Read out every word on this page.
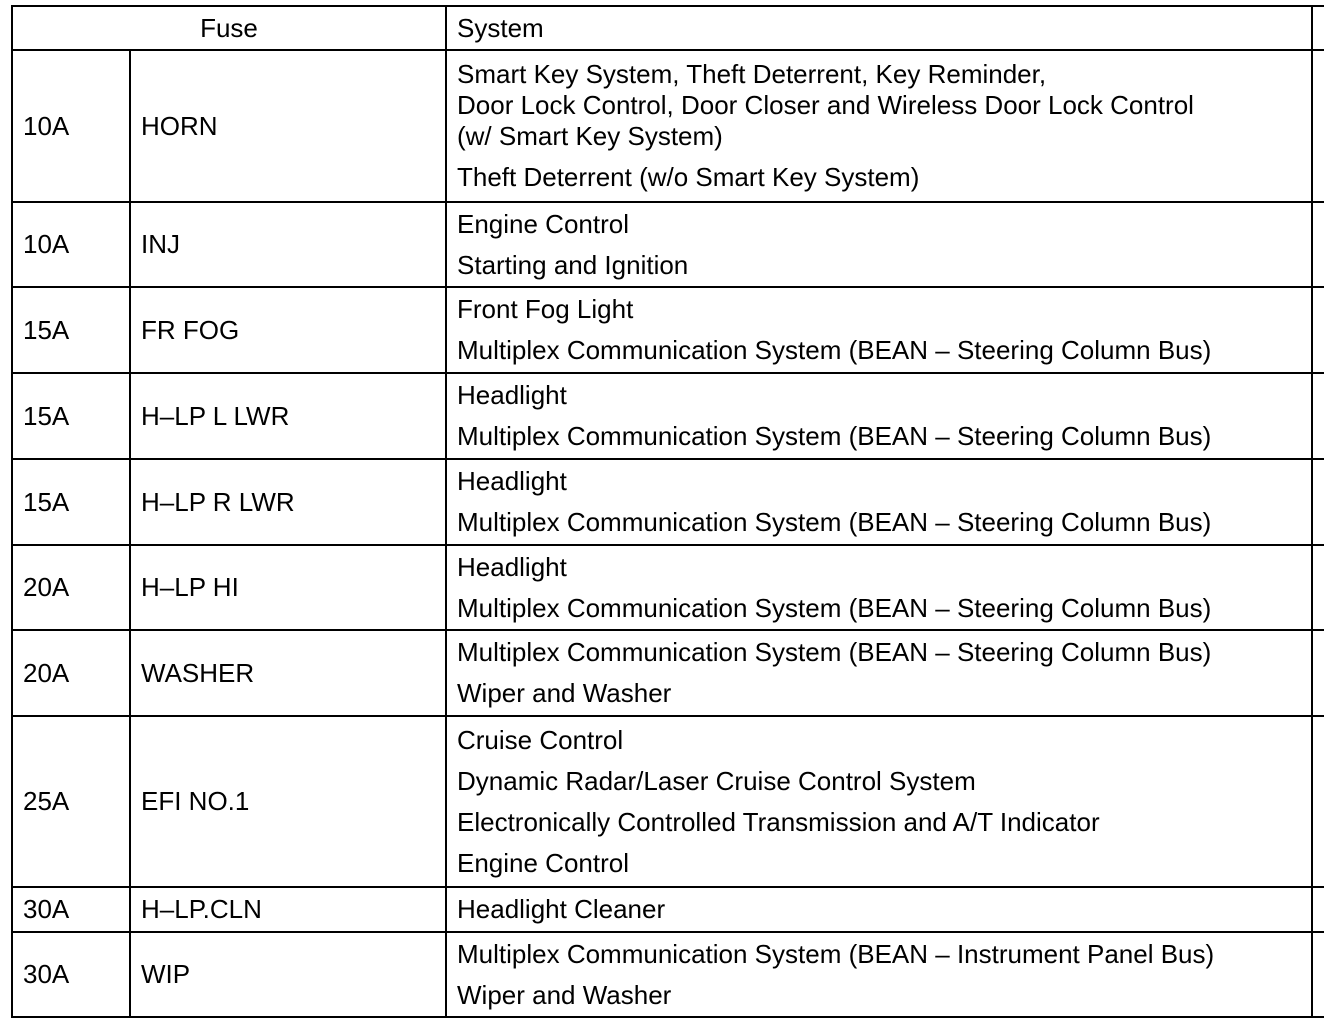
Fuse		System	
10A	HORN	Smart Key System, Theft Deterrent, Key Reminder,
Door Lock Control, Door Closer and Wireless Door Lock Control
(w/ Smart Key System)
Theft Deterrent (w/o Smart Key System)	

10A	INJ	Engine Control
Starting and Ignition	

15A	FR FOG	Front Fog Light
Multiplex Communication System (BEAN – Steering Column Bus)	

15A	H–LP L LWR	Headlight
Multiplex Communication System (BEAN – Steering Column Bus)	

15A	H–LP R LWR	Headlight
Multiplex Communication System (BEAN – Steering Column Bus)	

20A	H–LP HI	Headlight
Multiplex Communication System (BEAN – Steering Column Bus)	

20A	WASHER	Multiplex Communication System (BEAN – Steering Column Bus)
Wiper and Washer	

25A	EFI NO.1	Cruise Control
Dynamic Radar/Laser Cruise Control System
Electronically Controlled Transmission and A/T Indicator
Engine Control	

30A	H–LP.CLN	Headlight Cleaner	

30A	WIP	Multiplex Communication System (BEAN – Instrument Panel Bus)
Wiper and Washer	
